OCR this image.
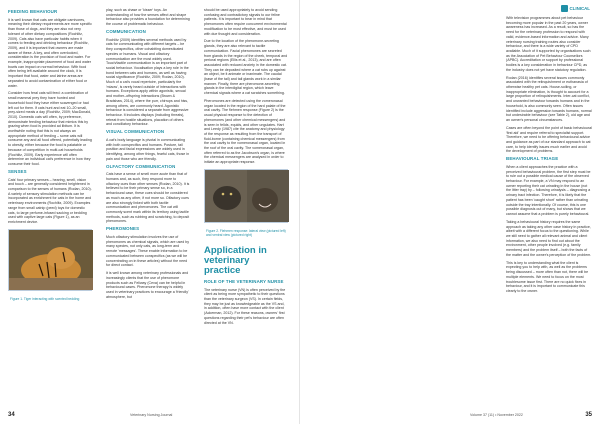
FEEDING BEHAVIOUR

It is well known that cats are obligate carnivores, meaning their dietary requirements are more specific than those of dogs, and they are also not very tolerant of other dietary compositions (Rochlitz, 2009). Cats also have particular habits when it comes to feeding and drinking behaviour (Rochlitz, 2009), and it is important that owners are made aware of these. A key, and often overlooked, consideration is the provision of food and water. For example, inappropriate placement of food and water bowls can impact on normal behaviour. With food often being left available around the clock, it is important that food, water and latrine areas are separated to avoid contamination of either food or water.

Consider how feral cats will feed: a combination of small mammal prey they have hunted and household food they have either scavenged or had left out for them. If cats hunt and eat 10–20 small, prey-sized meals a day (Rochlitz, 2009; MacDonald, 2010). Domestic cats will often, by preference, demonstrate feeding behaviour that mimics this by grazing when food is provided ad libitum. It is worthwhile noting that this is not always an appropriate method of feeding – some cats will consume any and all food offered, potentially leading to obesity, either because the food is palatable or because of competition in multi-cat households (Rochlitz, 2009). Early experience will often determine an individual cat's preference in how they consume their food.

SENSES

Cats' four primary senses – hearing, smell, vision and touch – are generally considered heightened in comparison to the senses of humans (Rodan, 2010). A variety of sensory stimulation methods can be incorporated as enrichment for cats in the home and veterinary environments (Rochlitz, 2009). Examples range from small catnip (peed) toys for domestic cats, to large perfume-infused sacking or bedding used with captive large cats (Figure 1), as an enrichment device.

Figure 1. Tiger interacting with scented bedding

play, such as chase or 'kisser' toys. An understanding of how the senses affect and shape behaviour also provides a foundation for determining the course of problematic behaviour.

COMMUNICATION

Rochlitz (2009) identifies several methods used by cats for communicating with different targets – be they conspecifics, other cohabiting domesticated species or humans. Visual and olfactory communication are the most widely used. Touch/tactile communication is an important part of social behaviour. Vocalisation plays a key role in the bond between cats and humans, as well as having social significance (Rochlitz, 2009; Rodan, 2010). Much of a cat's vocal repertoire, particularly the 'miaow', is rarely heard outside of interactions with humans. Exceptions apply within agonistic, sexual and mother–offspring interactions (Brown & Bradshaw, 2014), where the purr, chirrups and hiss, among others, are commonly heard. Agonistic behaviour is considered a separate from aggressive behaviour. It includes displays (including threats), retreat from hostile situations, placation of others and conciliatory behaviour.

VISUAL COMMUNICATION

A cat's body language is pivotal in communicating with both conspecifics and humans. Posture, tail position and facial expressions are widely used in identifying, among other things, fearful cats, those in pain and those who are friendly.

OLFACTORY COMMUNICATION

Cats have a sense of smell more acute than that of humans and, as such, they respond more to olfactory cues than other senses (Rodan, 2010). It is believed to be their primary sense so, in a behavioural case, these cues should be considered as much as any other, if not more so. Olfactory cues are also strongly linked with both tactile communication and pheromones. The cat will commonly scent mark within its territory using tactile methods, such as rubbing and scratching, to deposit pheromones.

PHEROMONES

Much olfactory stimulation involves the use of pheromones as chemical signals, which are used by many species, not only cats, as long-term and remote 'messages'. These enable information to be communicated between conspecifics (as we will be concentrating on in these articles) without the need for direct contact.

It is well known among veterinary professionals and increasingly clients that the use of pheromone products such as Feliway (Ceva) can be helpful in behavioural cases. Pheromone therapy is widely used in veterinary practices to encourage a 'friendly' atmosphere, but

should be used appropriately to avoid sending confusing and contradictory signals to our feline patients. It is important to bear in mind that pheromones often require concurrent environmental modification to be most effective, and must be used with due thought and consideration.

Due to the location of the pheromone-secreting glands, they are also relevant to tactile communication. Facial pheromones are secreted from glands in the region of the cheek, temporal and perioral regions (Ellis et al., 2013), and are often associated with reduced anxiety in the domestic cat. They can be deposited where a cat rubs up against an object, be it animate or inanimate. The caudal (base of the tail) and tail glands work in a similar manner. Finally, there are pheromone-secreting glands in the interdigital region, which leave chemical signals where a cat scratches something.

Pheromones are detected using the vomeronasal organ located in the region of the hard palate of the oral cavity. The flehmen response (Figure 2) is the usual physical response to the detection of pheromones (and other chemical messengers) and is seen in felids, equids, and other ungulates. Hart and Leedy (1987) cite the anatomy and physiology of the response as resulting from the transport of fluid-borne (containing chemical messengers) from the oral cavity to the vomeronasal organ, located in the roof of the oral cavity. The vomeronasal organ, often referred to as the Jacobson's organ, is where the chemical messengers are analysed in order to initiate an appropriate response.

Figure 2. Flehmen response: lateral view (pictured left) and ventral view (pictured right)
Application in veterinary practice
ROLE OF THE VETERINARY NURSE

The veterinary nurse (VN) is often perceived by the client as being more sympathetic to their questions than the veterinary surgeon (VS). In certain fields, they may be just as knowledgeable as the VS and, in addition, often have more contact with the client (Ackerman, 2012). For these reasons, owners' first questions regarding their pet's behaviour are often directed at the VN.

34	Veterinary Nursing Journal
CLINICAL

With television programmes about pet behaviour becoming more popular in the past 20 years, owner awareness has increased. As a result, so has the need for the veterinary profession to respond with valid, evidence-based information and advice. Many veterinary nursing training routes also consider behaviour, and there is a wide variety of CPD available. Much of it supported by organisations such as the Association of Pet Behaviour Counsellors (APBC). Accreditation or support by professional bodies is a key consideration in behaviour CPD, as the industry does not yet have statutory regulation.

Rodan (2016) identifies several issues commonly associated with the relinquishment or euthanasia of otherwise healthy pet cats. House-soiling, or inappropriate elimination, is thought to account for a large proportion of relinquishments. Inter-cat conflict, and unwanted behaviour towards humans and in the household, is also commonly seen. Often issues identified include aggression towards humans, normal but undesirable behaviour (see Table 2), old age and an owner's personal circumstances.

Cases are often beyond the point of basic behavioural 'first aid' and require referral to specialist support. Therefore, we need to be offering behavioural advice and guidance as part of our standard approach to cat care, to help identify issues much earlier and avoid the development of problems.

BEHAVIOURAL TRIAGE

When a client approaches the practice with a perceived behavioural problem, the first step must be to rule out a possible medical cause of the observed behaviour. For example, a VN may respond to an owner reporting their cat urinating in the house (not the litter tray) by – following urinalysis – diagnosing a urinary tract infection. Therefore, it is likely that the patient has been 'caught short' rather than urinating outside the tray intentionally. Of course, this is one possible diagnosis out of many, but shows that we cannot assume that a problem is purely behavioural.

Taking a behavioural history requires the same approach as taking any other case history in practice, albeit with a different focus to the questioning. While we still need to gather all relevant animal and client information, we also need to find out about the environment, other people involved (e.g. family members) and the problem itself – both the facts of the matter and the owner's perception of the problem.

This is key to understanding what the client is expecting you to help with, as well as the problems being discussed – more often than not, there will be multiple elements. We need to focus on the most troublesome issue first. There are no quick fixes in behaviour, and it is important to communicate this clearly to the owner.

Volume 37 (11) • November 2022	35
